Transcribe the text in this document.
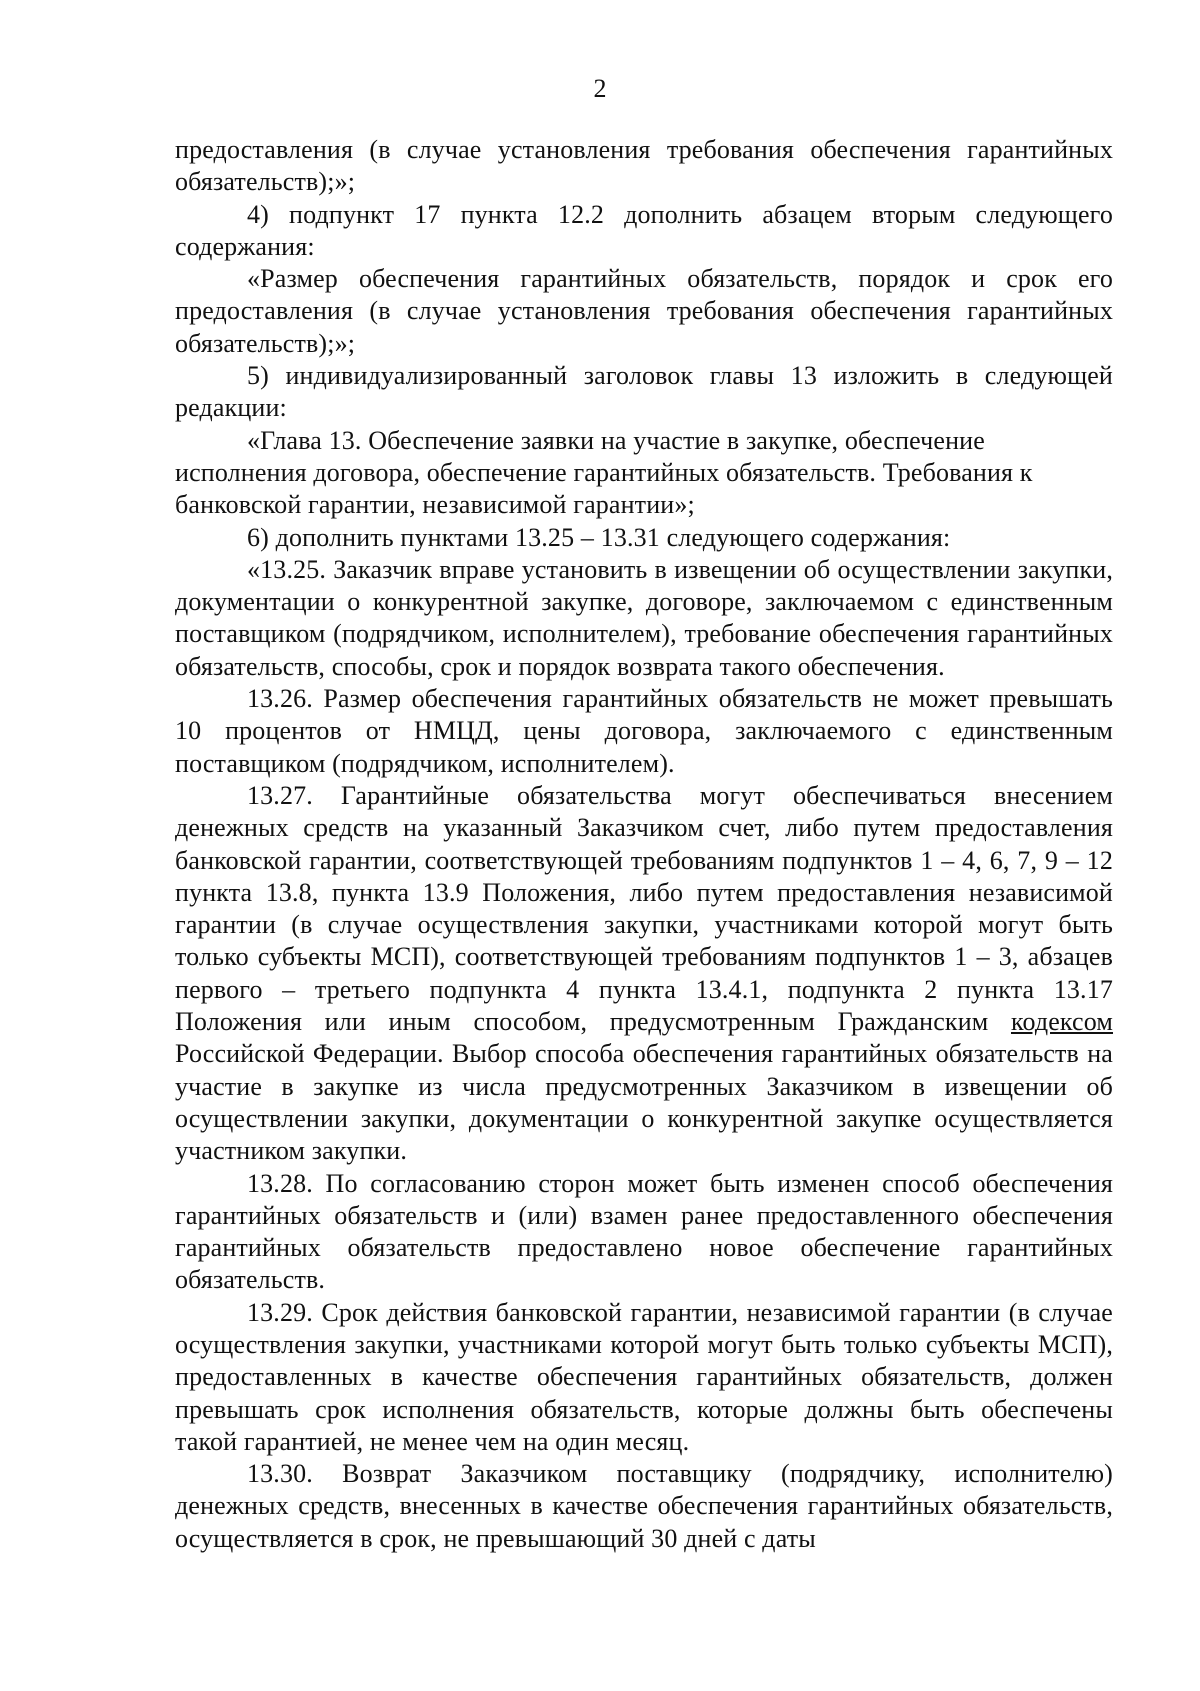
2

предоставления (в случае установления требования обеспечения гарантийных обязательств);»;

4) подпункт 17 пункта 12.2 дополнить абзацем вторым следующего содержания:

«Размер обеспечения гарантийных обязательств, порядок и срок его предоставления (в случае установления требования обеспечения гарантийных обязательств);»;

5) индивидуализированный заголовок главы 13 изложить в следующей редакции:

«Глава 13. Обеспечение заявки на участие в закупке, обеспечение исполнения договора, обеспечение гарантийных обязательств. Требования к банковской гарантии, независимой гарантии»;

6) дополнить пунктами 13.25 – 13.31 следующего содержания:

«13.25. Заказчик вправе установить в извещении об осуществлении закупки, документации о конкурентной закупке, договоре, заключаемом с единственным поставщиком (подрядчиком, исполнителем), требование обеспечения гарантийных обязательств, способы, срок и порядок возврата такого обеспечения.

13.26. Размер обеспечения гарантийных обязательств не может превышать 10 процентов от НМЦД, цены договора, заключаемого с единственным поставщиком (подрядчиком, исполнителем).

13.27. Гарантийные обязательства могут обеспечиваться внесением денежных средств на указанный Заказчиком счет, либо путем предоставления банковской гарантии, соответствующей требованиям подпунктов 1 – 4, 6, 7, 9 – 12 пункта 13.8, пункта 13.9 Положения, либо путем предоставления независимой гарантии (в случае осуществления закупки, участниками которой могут быть только субъекты МСП), соответствующей требованиям подпунктов 1 – 3, абзацев первого – третьего подпункта 4 пункта 13.4.1, подпункта 2 пункта 13.17 Положения или иным способом, предусмотренным Гражданским кодексом Российской Федерации. Выбор способа обеспечения гарантийных обязательств на участие в закупке из числа предусмотренных Заказчиком в извещении об осуществлении закупки, документации о конкурентной закупке осуществляется участником закупки.

13.28. По согласованию сторон может быть изменен способ обеспечения гарантийных обязательств и (или) взамен ранее предоставленного обеспечения гарантийных обязательств предоставлено новое обеспечение гарантийных обязательств.

13.29. Срок действия банковской гарантии, независимой гарантии (в случае осуществления закупки, участниками которой могут быть только субъекты МСП), предоставленных в качестве обеспечения гарантийных обязательств, должен превышать срок исполнения обязательств, которые должны быть обеспечены такой гарантией, не менее чем на один месяц.

13.30. Возврат Заказчиком поставщику (подрядчику, исполнителю) денежных средств, внесенных в качестве обеспечения гарантийных обязательств, осуществляется в срок, не превышающий 30 дней с даты
